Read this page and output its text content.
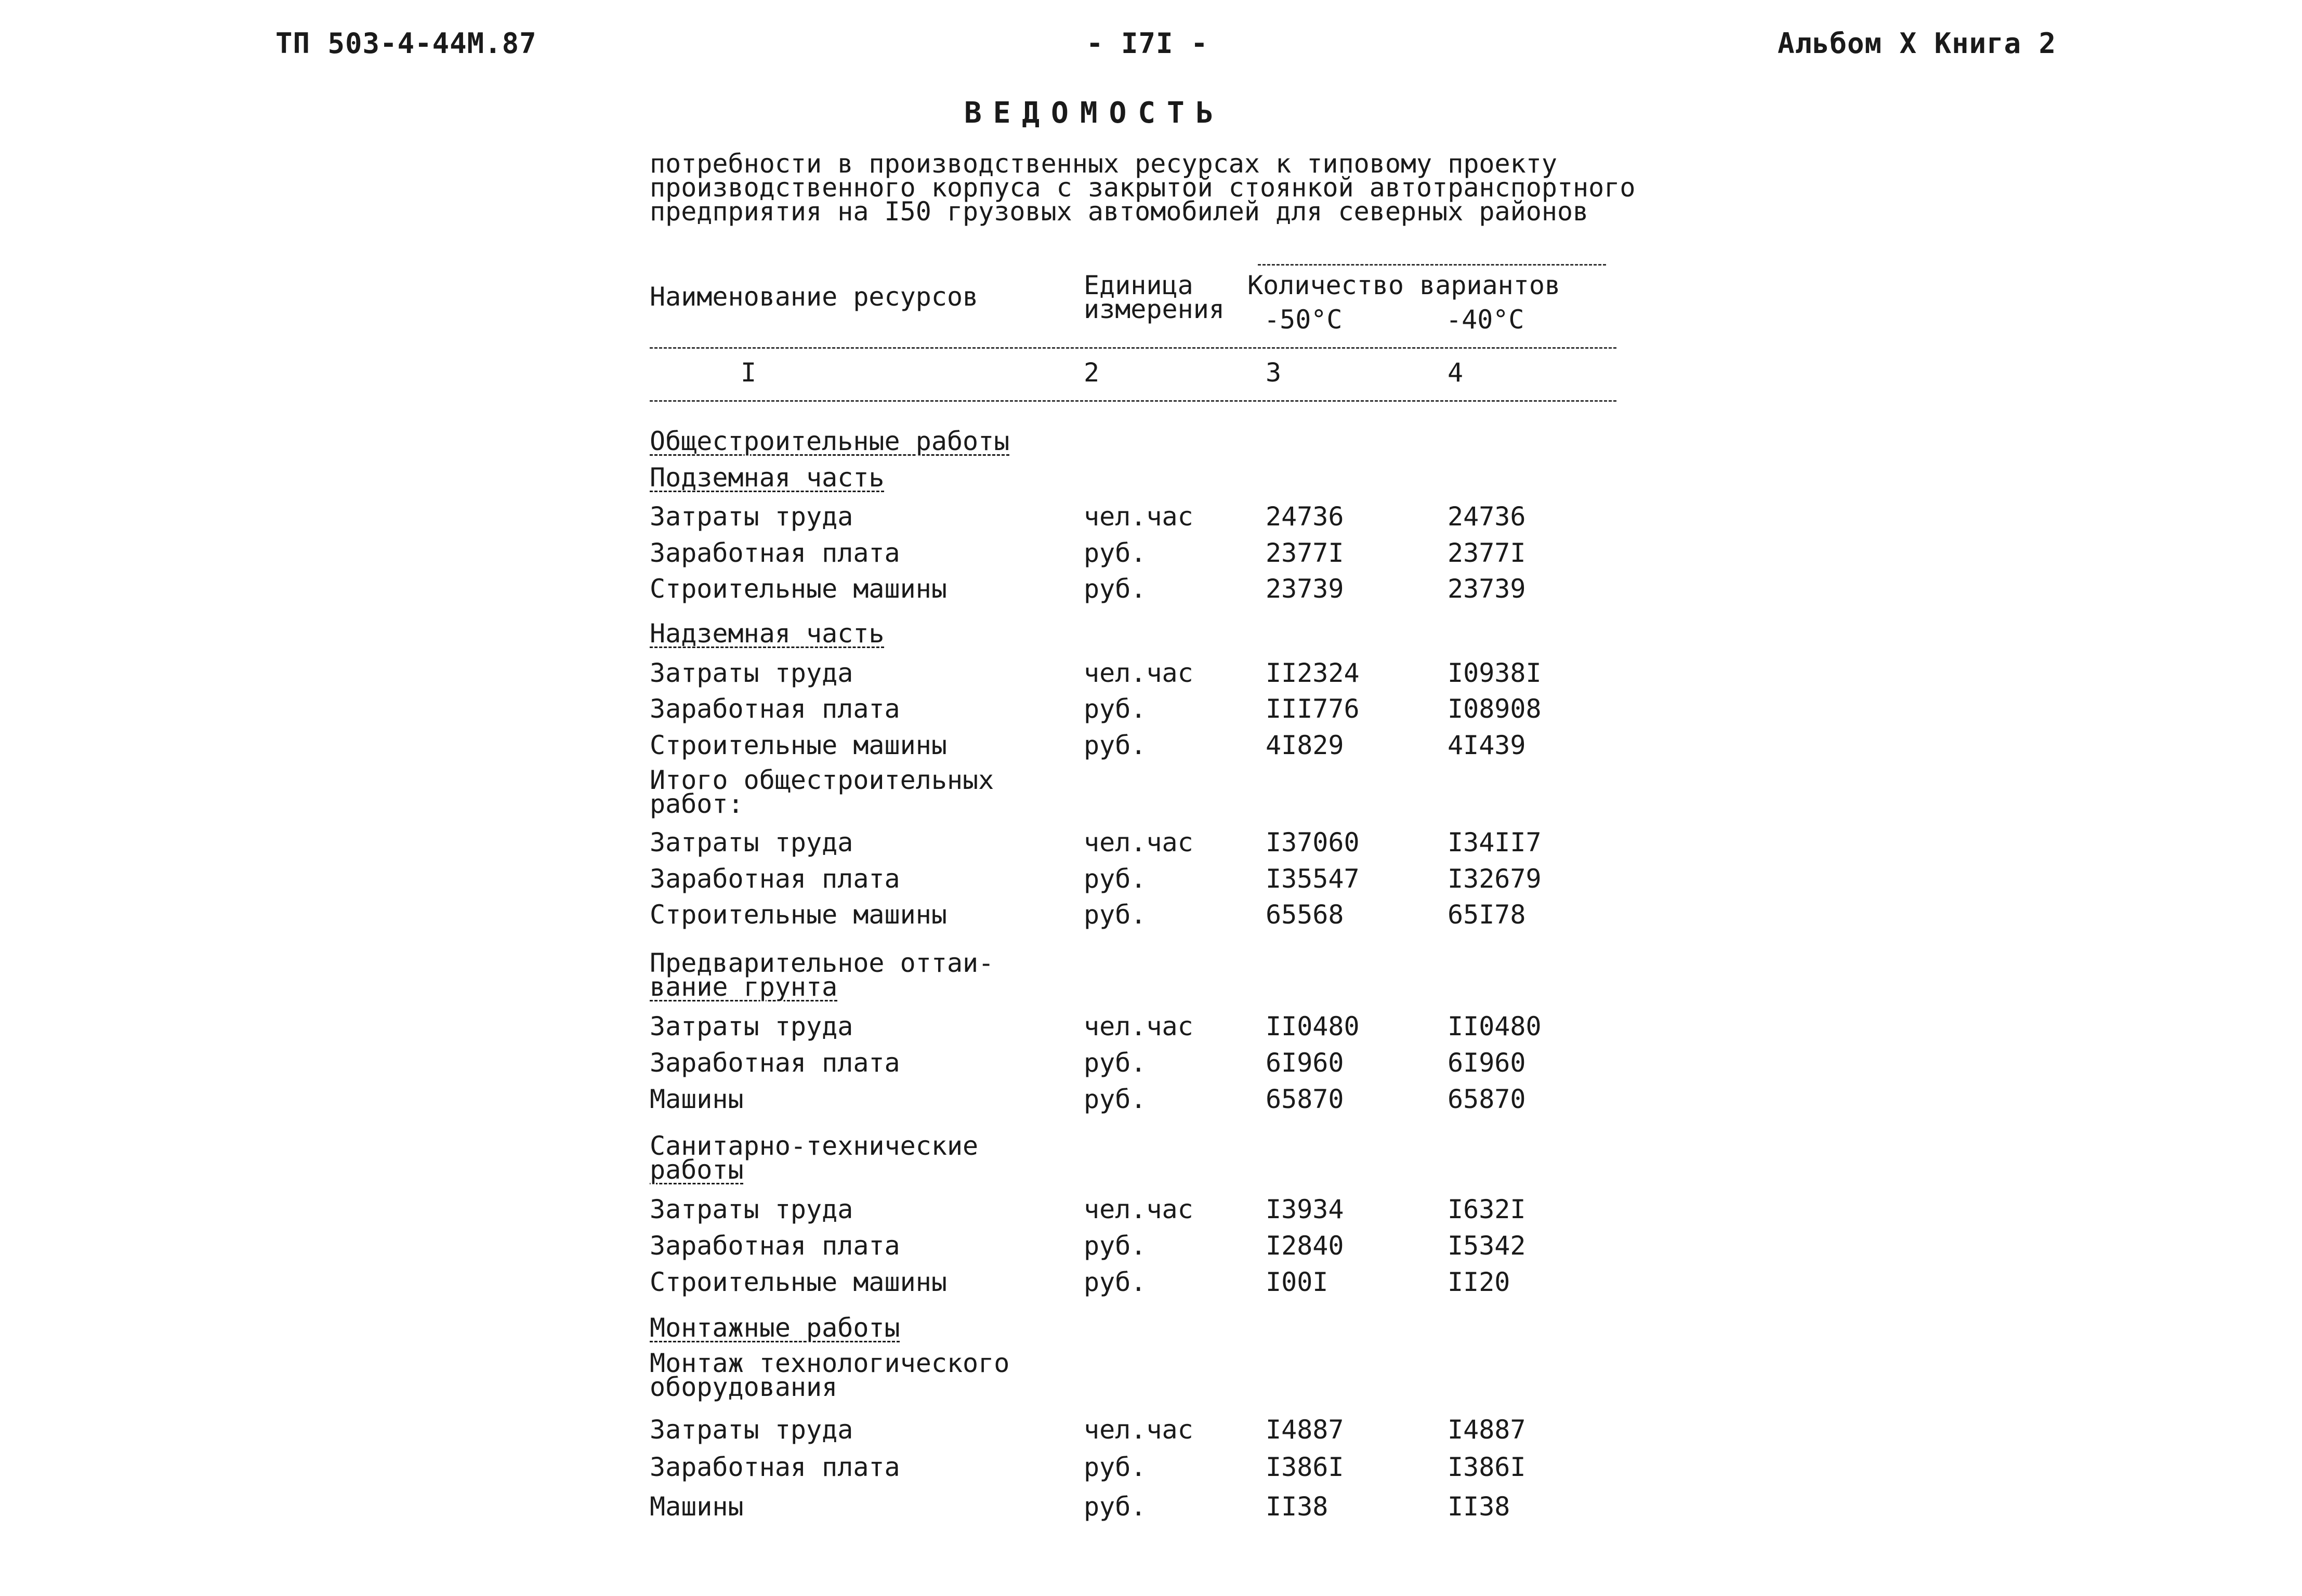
ТП 503-4-44М.87	- I7I -	Альбом X Книга 2
ВЕДОМОСТЬ
потребности в производственных ресурсах к типовому проекту
производственного корпуса с закрытой стоянкой автотранспортного
предприятия на I50 грузовых автомобилей для северных районов
Наименование ресурсов	Единица
измерения
Количество вариантов
-50°C	-40°C
I	2	3	4
Общестроительные работы
Подземная часть
Затраты труда	чел.час	24736	24736
Заработная плата	руб.	2377I	2377I
Строительные машины	руб.	23739	23739
Надземная часть
Затраты труда	чел.час	II2324	I0938I
Заработная плата	руб.	III776	I08908
Строительные машины	руб.	4I829	4I439
Итого общестроительных
работ:
Затраты труда	чел.час	I37060	I34II7
Заработная плата	руб.	I35547	I32679
Строительные машины	руб.	65568	65I78
Предварительное оттаи-
вание грунта
Затраты труда	чел.час	II0480	II0480
Заработная плата	руб.	6I960	6I960
Машины	руб.	65870	65870
Санитарно-технические
работы
Затраты труда	чел.час	I3934	I632I
Заработная плата	руб.	I2840	I5342
Строительные машины	руб.	I00I	II20
Монтажные работы
Монтаж технологического
оборудования
Затраты труда	чел.час	I4887	I4887
Заработная плата	руб.	I386I	I386I
Машины	руб.	II38	II38
